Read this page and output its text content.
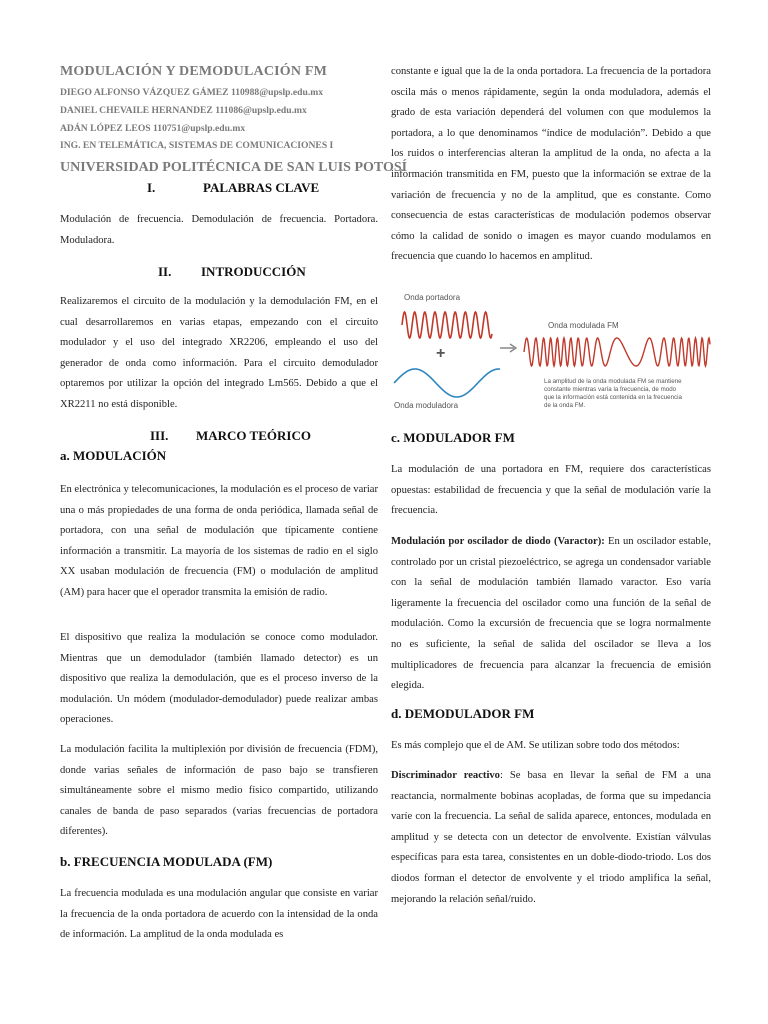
MODULACIÓN Y DEMODULACIÓN FM
DIEGO ALFONSO VÁZQUEZ GÁMEZ 110988@upslp.edu.mx
DANIEL CHEVAILE HERNANDEZ 111086@upslp.edu.mx
ADÁN LÓPEZ LEOS 110751@upslp.edu.mx
ING. EN TELEMÁTICA, SISTEMAS DE COMUNICACIONES I
UNIVERSIDAD POLITÉCNICA DE SAN LUIS POTOSÍ
I.	PALABRAS CLAVE

Modulación de frecuencia. Demodulación de frecuencia. Portadora. Moduladora.

II. INTRODUCCIÓN

Realizaremos el circuito de la modulación y la demodulación FM, en el cual desarrollaremos en varias etapas, empezando con el circuito modulador y el uso del integrado XR2206, empleando el uso del generador de onda como información. Para el circuito demodulador optaremos por utilizar la opción del integrado Lm565. Debido a que el XR2211 no está disponible.

III. MARCO TEÓRICO
a. MODULACIÓN

En electrónica y telecomunicaciones, la modulación es el proceso de variar una o más propiedades de una forma de onda periódica, llamada señal de portadora, con una señal de modulación que típicamente contiene información a transmitir. La mayoría de los sistemas de radio en el siglo XX usaban modulación de frecuencia (FM) o modulación de amplitud (AM) para hacer que el operador transmita la emisión de radio.

El dispositivo que realiza la modulación se conoce como modulador. Mientras que un demodulador (también llamado detector) es un dispositivo que realiza la demodulación, que es el proceso inverso de la modulación. Un módem (modulador-demodulador) puede realizar ambas operaciones.

La modulación facilita la multiplexión por división de frecuencia (FDM), donde varias señales de información de paso bajo se transfieren simultáneamente sobre el mismo medio físico compartido, utilizando canales de banda de paso separados (varias frecuencias de portadora diferentes).

b. FRECUENCIA MODULADA (FM)

La frecuencia modulada es una modulación angular que consiste en variar la frecuencia de la onda portadora de acuerdo con la intensidad de la onda de información. La amplitud de la onda modulada es

constante e igual que la de la onda portadora. La frecuencia de la portadora oscila más o menos rápidamente, según la onda moduladora, además el grado de esta variación dependerá del volumen con que modulemos la portadora, a lo que denominamos “índice de modulación”. Debido a que los ruidos o interferencias alteran la amplitud de la onda, no afecta a la información transmitida en FM, puesto que la información se extrae de la variación de frecuencia y no de la amplitud, que es constante. Como consecuencia de estas características de modulación podemos observar cómo la calidad de sonido o imagen es mayor cuando modulamos en frecuencia que cuando lo hacemos en amplitud.

Onda portadora
+
Onda moduladora
Onda modulada FM
La amplitud de la onda modulada FM se mantiene
constante mientras varía la frecuencia, de modo
que la información está contenida en la frecuencia
de la onda FM.
c. MODULADOR FM

La modulación de una portadora en FM, requiere dos características opuestas: estabilidad de frecuencia y que la señal de modulación varíe la frecuencia.

Modulación por oscilador de diodo (Varactor): En un oscilador estable, controlado por un cristal piezoeléctrico, se agrega un condensador variable con la señal de modulación también llamado varactor. Eso varía ligeramente la frecuencia del oscilador como una función de la señal de modulación. Como la excursión de frecuencia que se logra normalmente no es suficiente, la señal de salida del oscilador se lleva a los multiplicadores de frecuencia para alcanzar la frecuencia de emisión elegida.

d. DEMODULADOR FM

Es más complejo que el de AM. Se utilizan sobre todo dos métodos:

Discriminador reactivo: Se basa en llevar la señal de FM a una reactancia, normalmente bobinas acopladas, de forma que su impedancia varíe con la frecuencia. La señal de salida aparece, entonces, modulada en amplitud y se detecta con un detector de envolvente. Existían válvulas específicas para esta tarea, consistentes en un doble-diodo-triodo. Los dos diodos forman el detector de envolvente y el triodo amplifica la señal, mejorando la relación señal/ruido.
